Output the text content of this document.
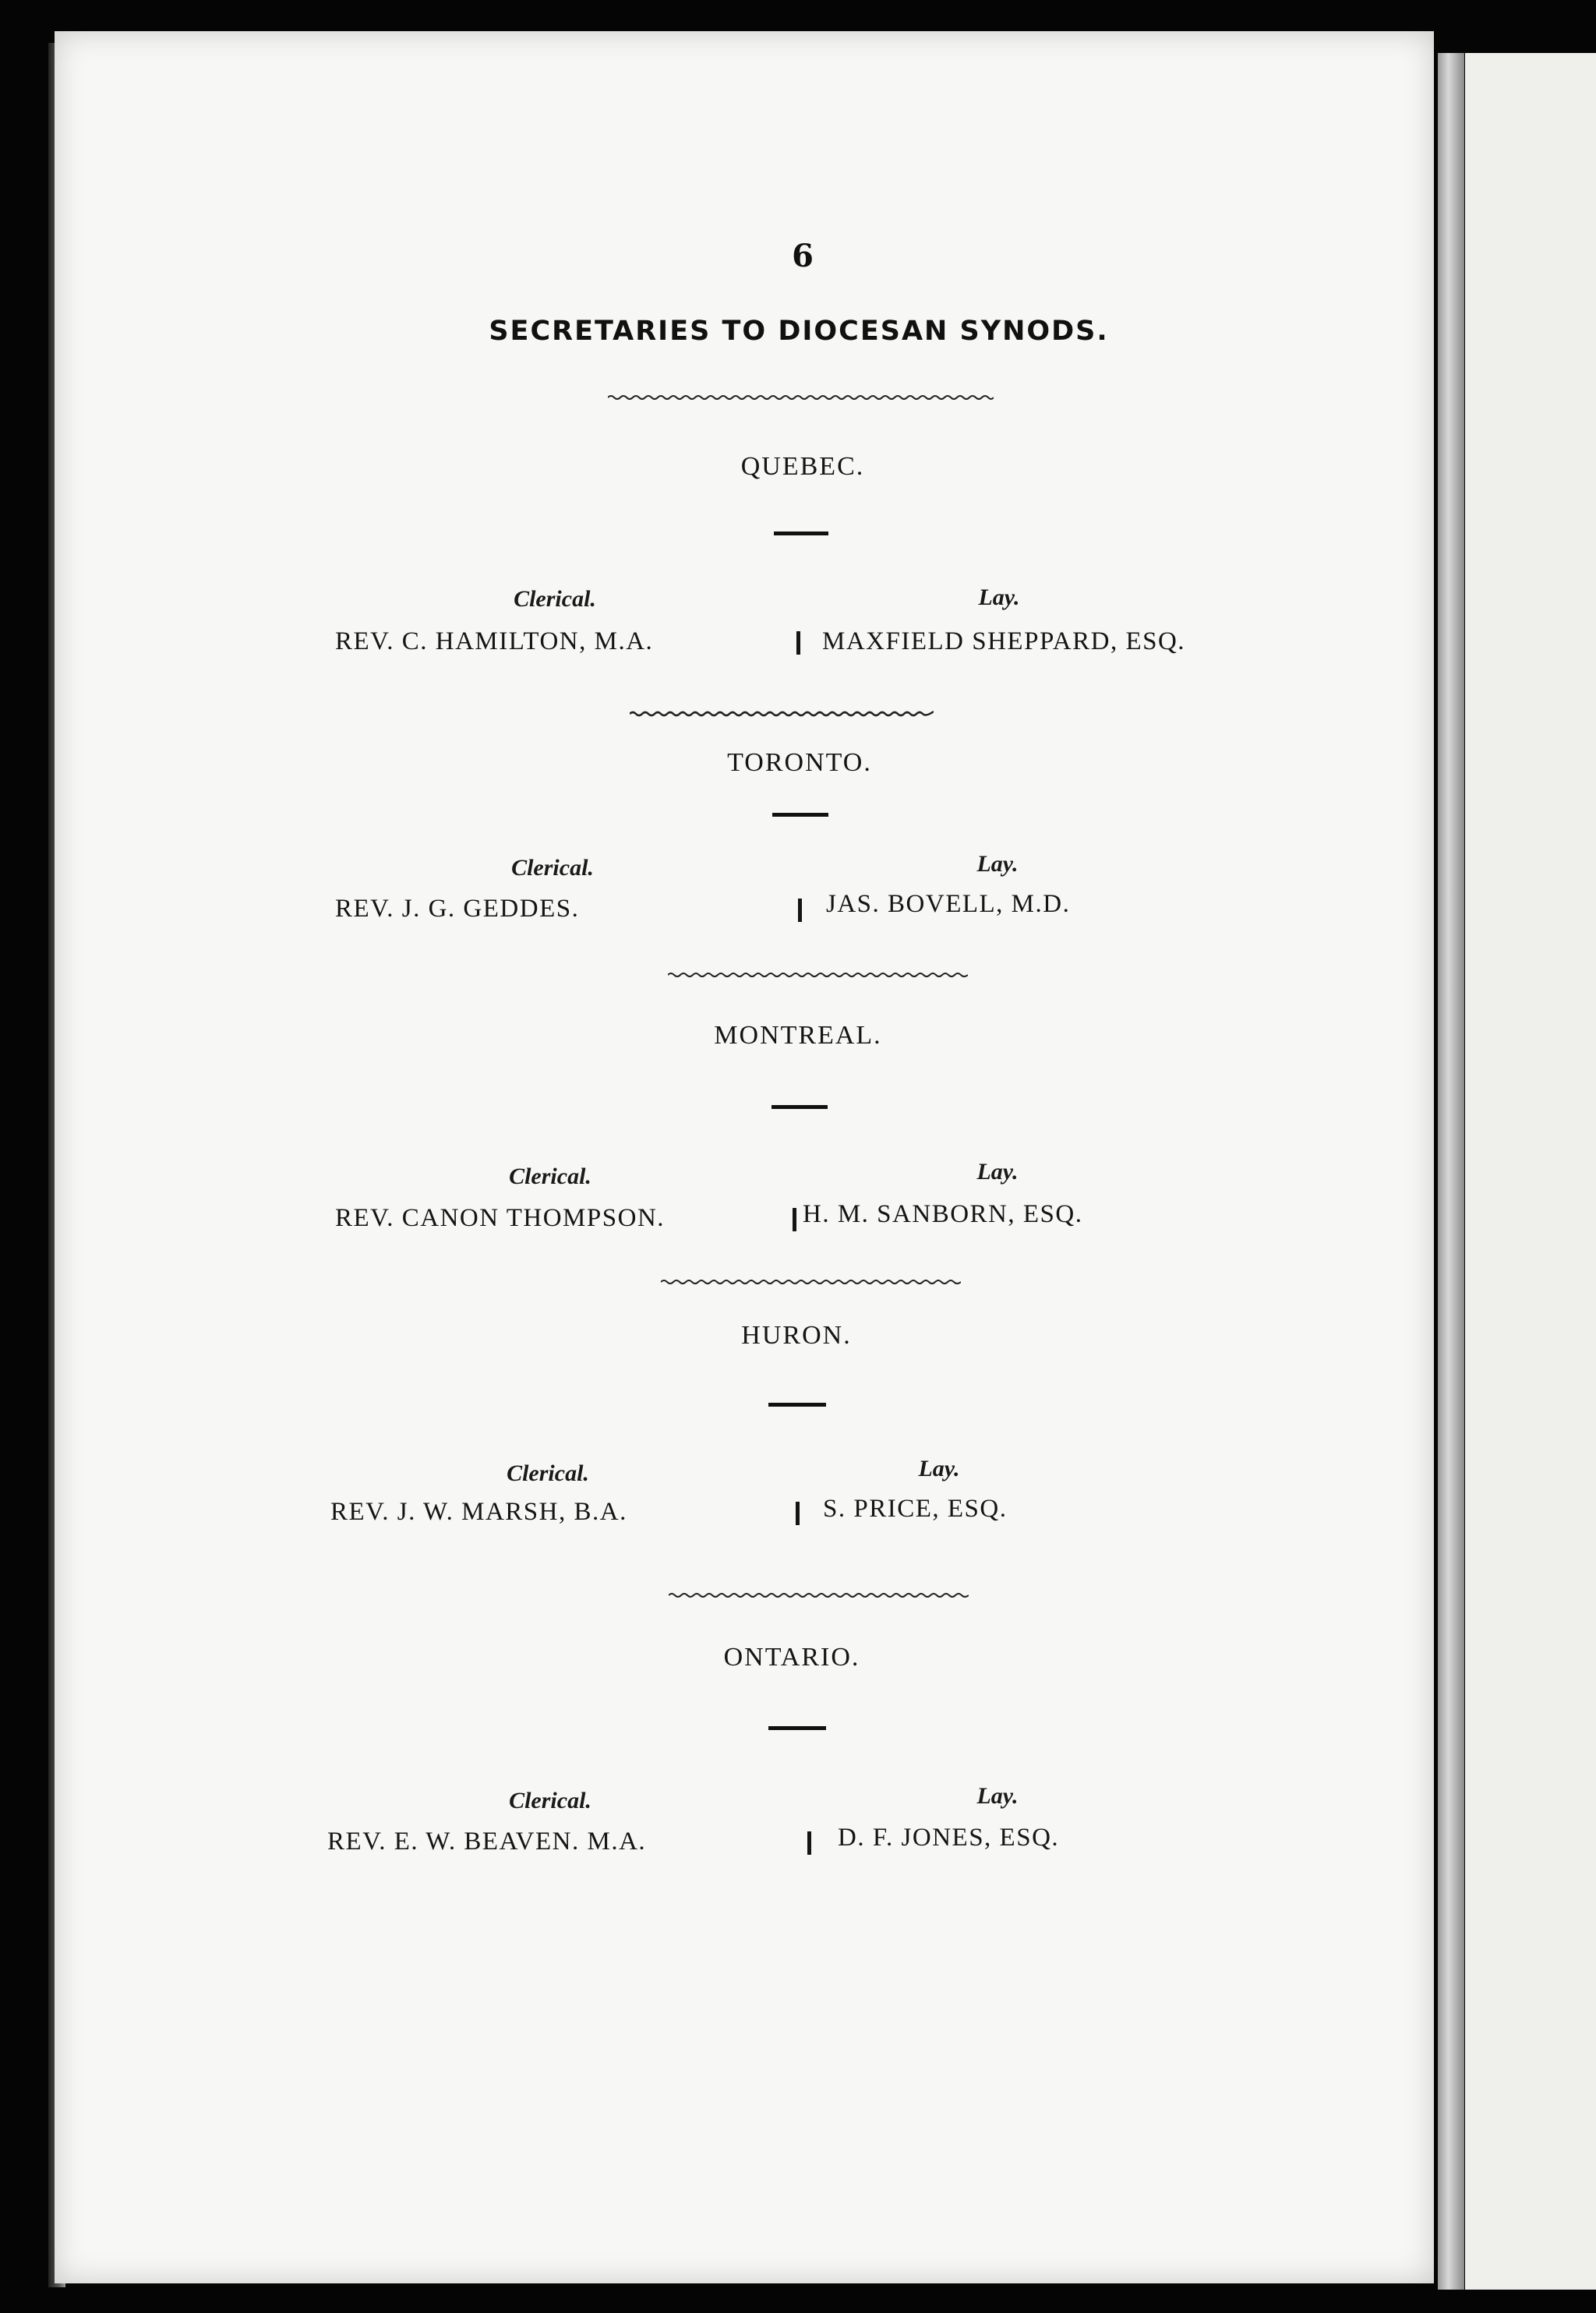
6
SECRETARIES TO DIOCESAN SYNODS.
QUEBEC.
Clerical.	Lay.
REV. C. HAMILTON, M.A.	MAXFIELD SHEPPARD, ESQ.
TORONTO.
Clerical.	Lay.
REV. J. G. GEDDES.	JAS. BOVELL, M.D.
MONTREAL.
Clerical.	Lay.
REV. CANON THOMPSON.	H. M. SANBORN, ESQ.
HURON.
Clerical.	Lay.
REV. J. W. MARSH, B.A.	S. PRICE, ESQ.
ONTARIO.
Clerical.	Lay.
REV. E. W. BEAVEN. M.A.	D. F. JONES, ESQ.
